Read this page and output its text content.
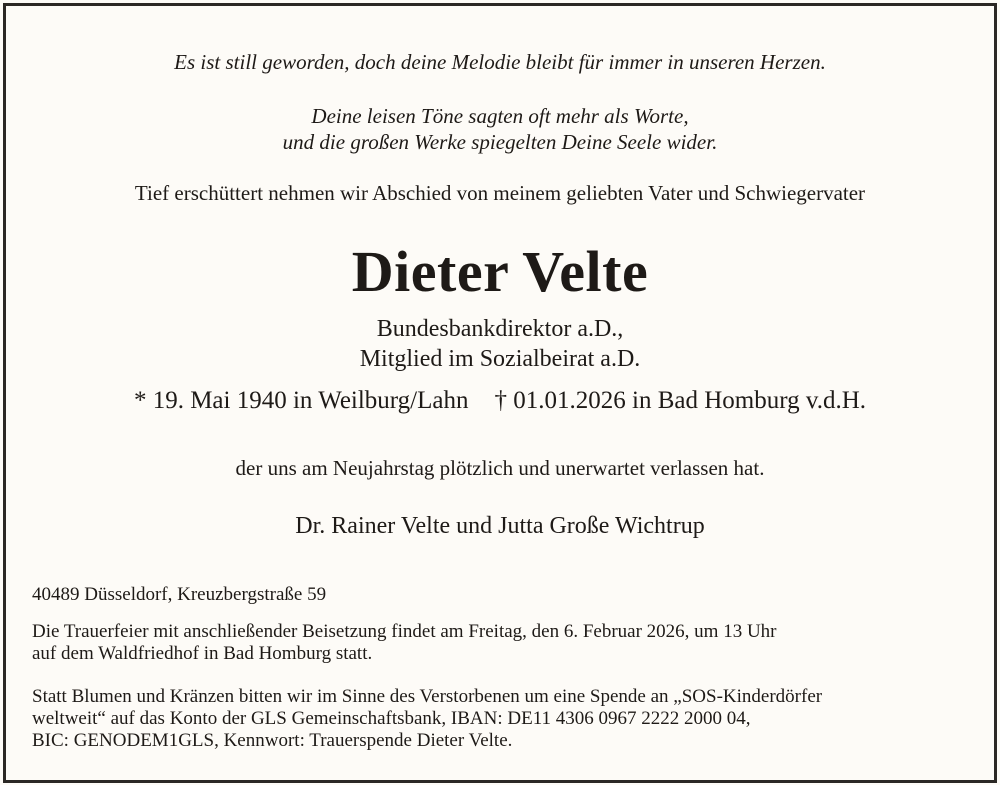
Es ist still geworden, doch deine Melodie bleibt für immer in unseren Herzen.
Deine leisen Töne sagten oft mehr als Worte,
und die großen Werke spiegelten Deine Seele wider.
Tief erschüttert nehmen wir Abschied von meinem geliebten Vater und Schwiegervater
Dieter Velte
Bundesbankdirektor a.D.,
Mitglied im Sozialbeirat a.D.
* 19. Mai 1940 in Weilburg/Lahn † 01.01.2026 in Bad Homburg v.d.H.
der uns am Neujahrstag plötzlich und unerwartet verlassen hat.
Dr. Rainer Velte und Jutta Große Wichtrup
40489 Düsseldorf, Kreuzbergstraße 59
Die Trauerfeier mit anschließender Beisetzung findet am Freitag, den 6. Februar 2026, um 13 Uhr
auf dem Waldfriedhof in Bad Homburg statt.
Statt Blumen und Kränzen bitten wir im Sinne des Verstorbenen um eine Spende an „SOS-Kinderdörfer
weltweit“ auf das Konto der GLS Gemeinschaftsbank, IBAN: DE11 4306 0967 2222 2000 04,
BIC: GENODEM1GLS, Kennwort: Trauerspende Dieter Velte.
